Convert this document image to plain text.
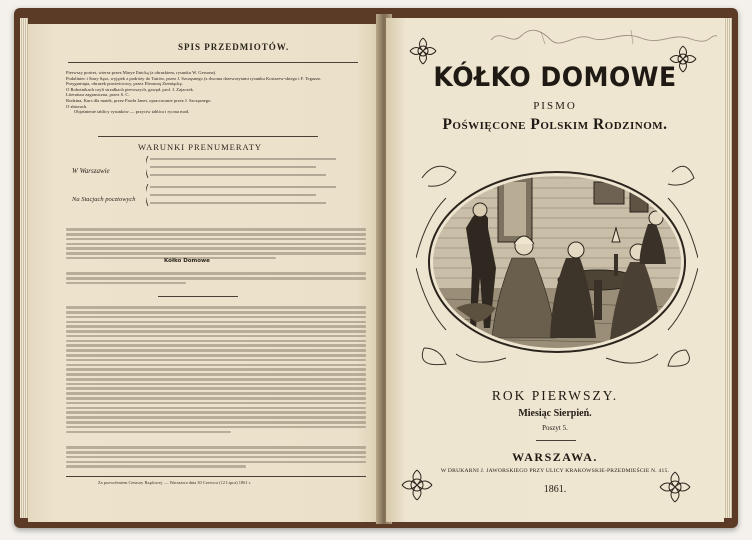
SPIS PRZEDMIOTÓW.

Pierwszy portret, wiersz przez Marye Ilnicką (z obrazkiem, rysunku W. Gersona).

Podaliniec i Stary Sąsz, wyjątek z podróży do Tatrów, przez J. Szczęsnego (z dwoma drzeworytami rysunku Kostrzew-skiego i F. Tegazzo.

Przygarnięta, obrazek powieściowy, przez Eleonorę Ziemięckę.

O Robotnikach czyli strzałkach pierwszych, gawęd. prof. I. Zajaczek.

Literatura zagraniczna, przez S. C.

Rodzina, Kurs dla matek, przez Pawła Janet, opracowanie przez J. Szczęsnego.

O zbiorach.

Objaśnienie tablicy rysunków — przyciw tablica i rycina mod.

WARUNKI PRENUMERATY
W Warszawie
Na Stacjach pocztowych
Kółko Domowe
Za pozwoleniem Cenzury Rządowej. — Warszawa dnia 30 Czerwca (12 Lipca) 1861 r.
KÓŁKO DOMOWE
PISMO
Poświęcone Polskim Rodzinom.
ROK PIERWSZY.
Miesiąc Sierpień.
Poszyt 5.
WARSZAWA.
W DRUKARNI J. JAWORSKIEGO PRZY ULICY KRAKOWSKIE-PRZEDMIEŚCIE N. 415.
1861.
